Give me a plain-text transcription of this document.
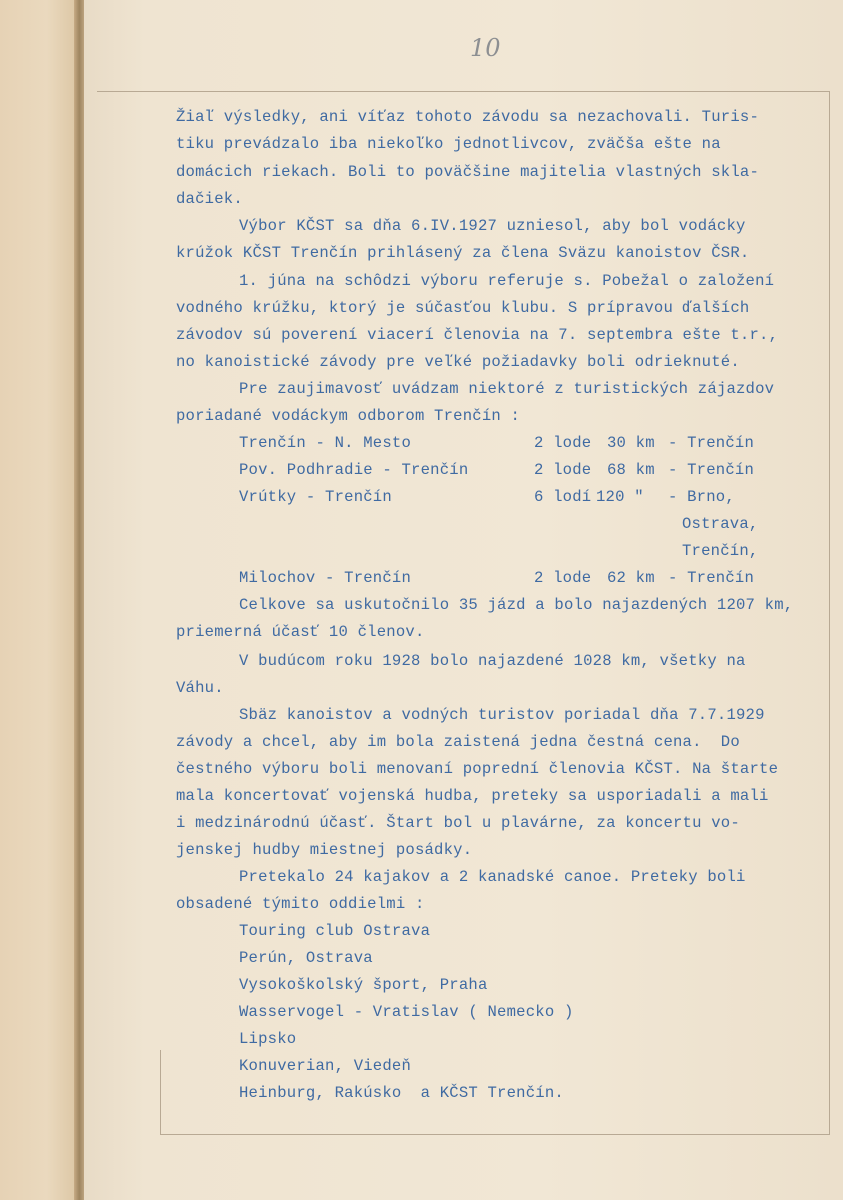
10
Žiaľ výsledky, ani víťaz tohoto závodu sa nezachovali. Turis-
tiku prevádzalo iba niekoľko jednotlivcov, zväčša ešte na
domácich riekach. Boli to poväčšine majitelia vlastných skla-
dačiek.
Výbor KČST sa dňa 6.IV.1927 uzniesol, aby bol vodácky
krúžok KČST Trenčín prihlásený za člena Sväzu kanoistov ČSR.
1. júna na schôdzi výboru referuje s. Pobežal o založení
vodného krúžku, ktorý je súčasťou klubu. S prípravou ďalších
závodov sú poverení viacerí členovia na 7. septembra ešte t.r.,
no kanoistické závody pre veľké požiadavky boli odrieknuté.
Pre zaujimavosť uvádzam niektoré z turistických zájazdov
poriadané vodáckym odborom Trenčín :
Trenčín - N. Mesto	2 lode 30 km - Trenčín
Pov. Podhradie - Trenčín	2 lode 68 km - Trenčín
Vrútky - Trenčín	6 lodí 120 " - Brno,
Ostrava,
Trenčín,
Milochov - Trenčín	2 lode 62 km - Trenčín
Celkove sa uskutočnilo 35 jázd a bolo najazdených 1207 km,
priemerná účasť 10 členov.
V budúcom roku 1928 bolo najazdené 1028 km, všetky na
Váhu.
Sbäz kanoistov a vodných turistov poriadal dňa 7.7.1929
závody a chcel, aby im bola zaistená jedna čestná cena.  Do
čestného výboru boli menovaní poprední členovia KČST. Na štarte
mala koncertovať vojenská hudba, preteky sa usporiadali a mali
i medzinárodnú účasť. Štart bol u plavárne, za koncertu vo-
jenskej hudby miestnej posádky.
Pretekalo 24 kajakov a 2 kanadské canoe. Preteky boli
obsadené týmito oddielmi :
Touring club Ostrava
Perún, Ostrava
Vysokoškolský šport, Praha
Wasservogel - Vratislav ( Nemecko )
Lipsko
Konuverian, Viedeň
Heinburg, Rakúsko  a KČST Trenčín.
